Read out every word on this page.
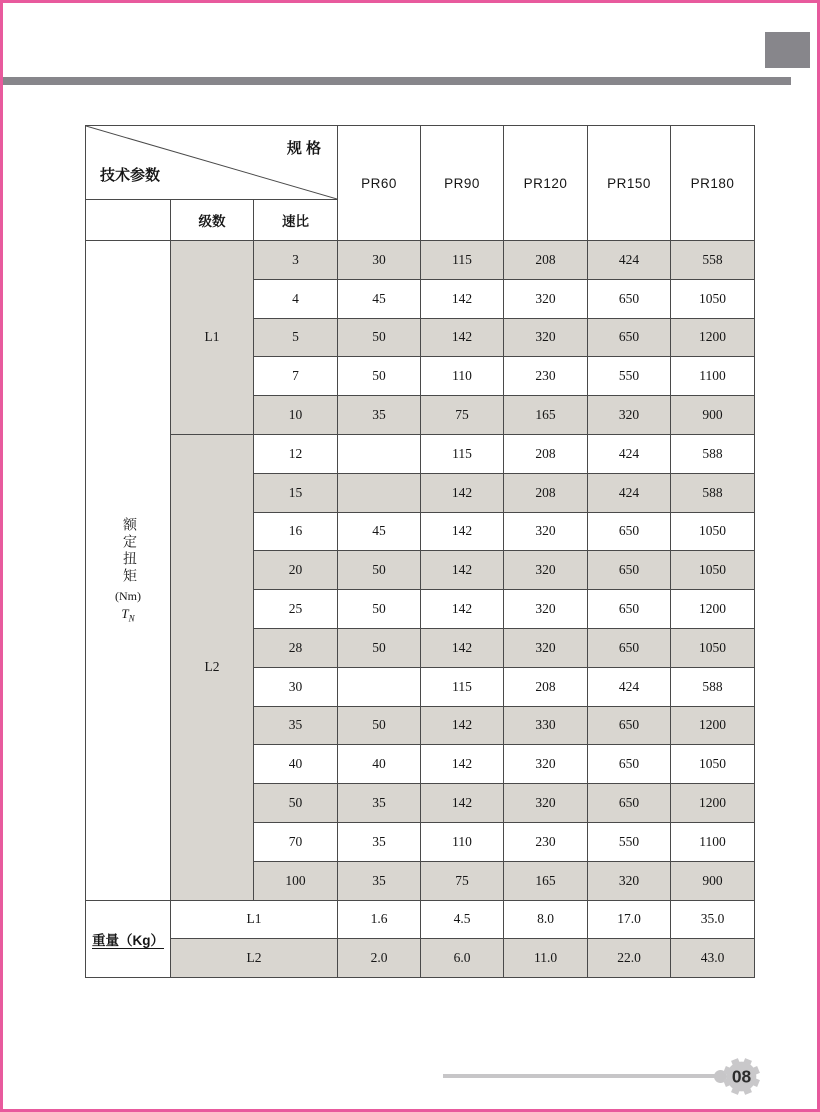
技术参数
规 格			PR60	PR90	PR120	PR150	PR180
	级数	速比					

额定扭矩
(Nm)
$T_N$	L1	3	30	115	208	424	558
		4	45	142	320	650	1050
		5	50	142	320	650	1200
		7	50	110	230	550	1100
		10	35	75	165	320	900
	L2	12		115	208	424	588
		15		142	208	424	588
		16	45	142	320	650	1050
		20	50	142	320	650	1050
		25	50	142	320	650	1200
		28	50	142	320	650	1050
		30		115	208	424	588
		35	50	142	330	650	1200
		40	40	142	320	650	1050
		50	35	142	320	650	1200
		70	35	110	230	550	1100
		100	35	75	165	320	900
重量（Kg）	L1		1.6	4.5	8.0	17.0	35.0
	L2		2.0	6.0	11.0	22.0	43.0
08
